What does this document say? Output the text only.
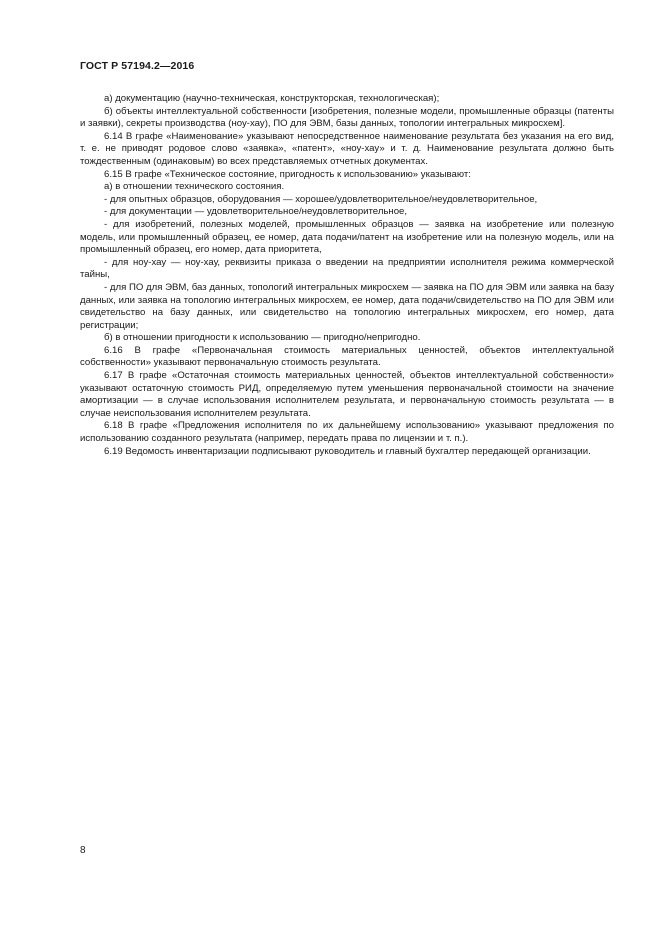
ГОСТ Р 57194.2—2016

а) документацию (научно-техническая, конструкторская, технологическая);

б) объекты интеллектуальной собственности [изобретения, полезные модели, промышленные образцы (патенты и заявки), секреты производства (ноу-хау), ПО для ЭВМ, базы данных, топологии интегральных микросхем].

6.14 В графе «Наименование» указывают непосредственное наименование результата без указания на его вид, т. е. не приводят родовое слово «заявка», «патент», «ноу-хау» и т. д. Наименование результата должно быть тождественным (одинаковым) во всех представляемых отчетных документах.

6.15 В графе «Техническое состояние, пригодность к использованию» указывают:

а) в отношении технического состояния.

- для опытных образцов, оборудования — хорошее/удовлетворительное/неудовлетворительное,

- для документации — удовлетворительное/неудовлетворительное,

- для изобретений, полезных моделей, промышленных образцов — заявка на изобретение или полезную модель, или промышленный образец, ее номер, дата подачи/патент на изобретение или на полезную модель, или на промышленный образец, его номер, дата приоритета,

- для ноу-хау — ноу-хау, реквизиты приказа о введении на предприятии исполнителя режима коммерческой тайны,

- для ПО для ЭВМ, баз данных, топологий интегральных микросхем — заявка на ПО для ЭВМ или заявка на базу данных, или заявка на топологию интегральных микросхем, ее номер, дата подачи/свидетельство на ПО для ЭВМ или свидетельство на базу данных, или свидетельство на топологию интегральных микросхем, его номер, дата регистрации;

б) в отношении пригодности к использованию — пригодно/непригодно.

6.16 В графе «Первоначальная стоимость материальных ценностей, объектов интеллектуальной собственности» указывают первоначальную стоимость результата.

6.17 В графе «Остаточная стоимость материальных ценностей, объектов интеллектуальной собственности» указывают остаточную стоимость РИД, определяемую путем уменьшения первоначальной стоимости на значение амортизации — в случае использования исполнителем результата, и первоначальную стоимость результата — в случае неиспользования исполнителем результата.

6.18 В графе «Предложения исполнителя по их дальнейшему использованию» указывают предложения по использованию созданного результата (например, передать права по лицензии и т. п.).

6.19 Ведомость инвентаризации подписывают руководитель и главный бухгалтер передающей организации.

8
